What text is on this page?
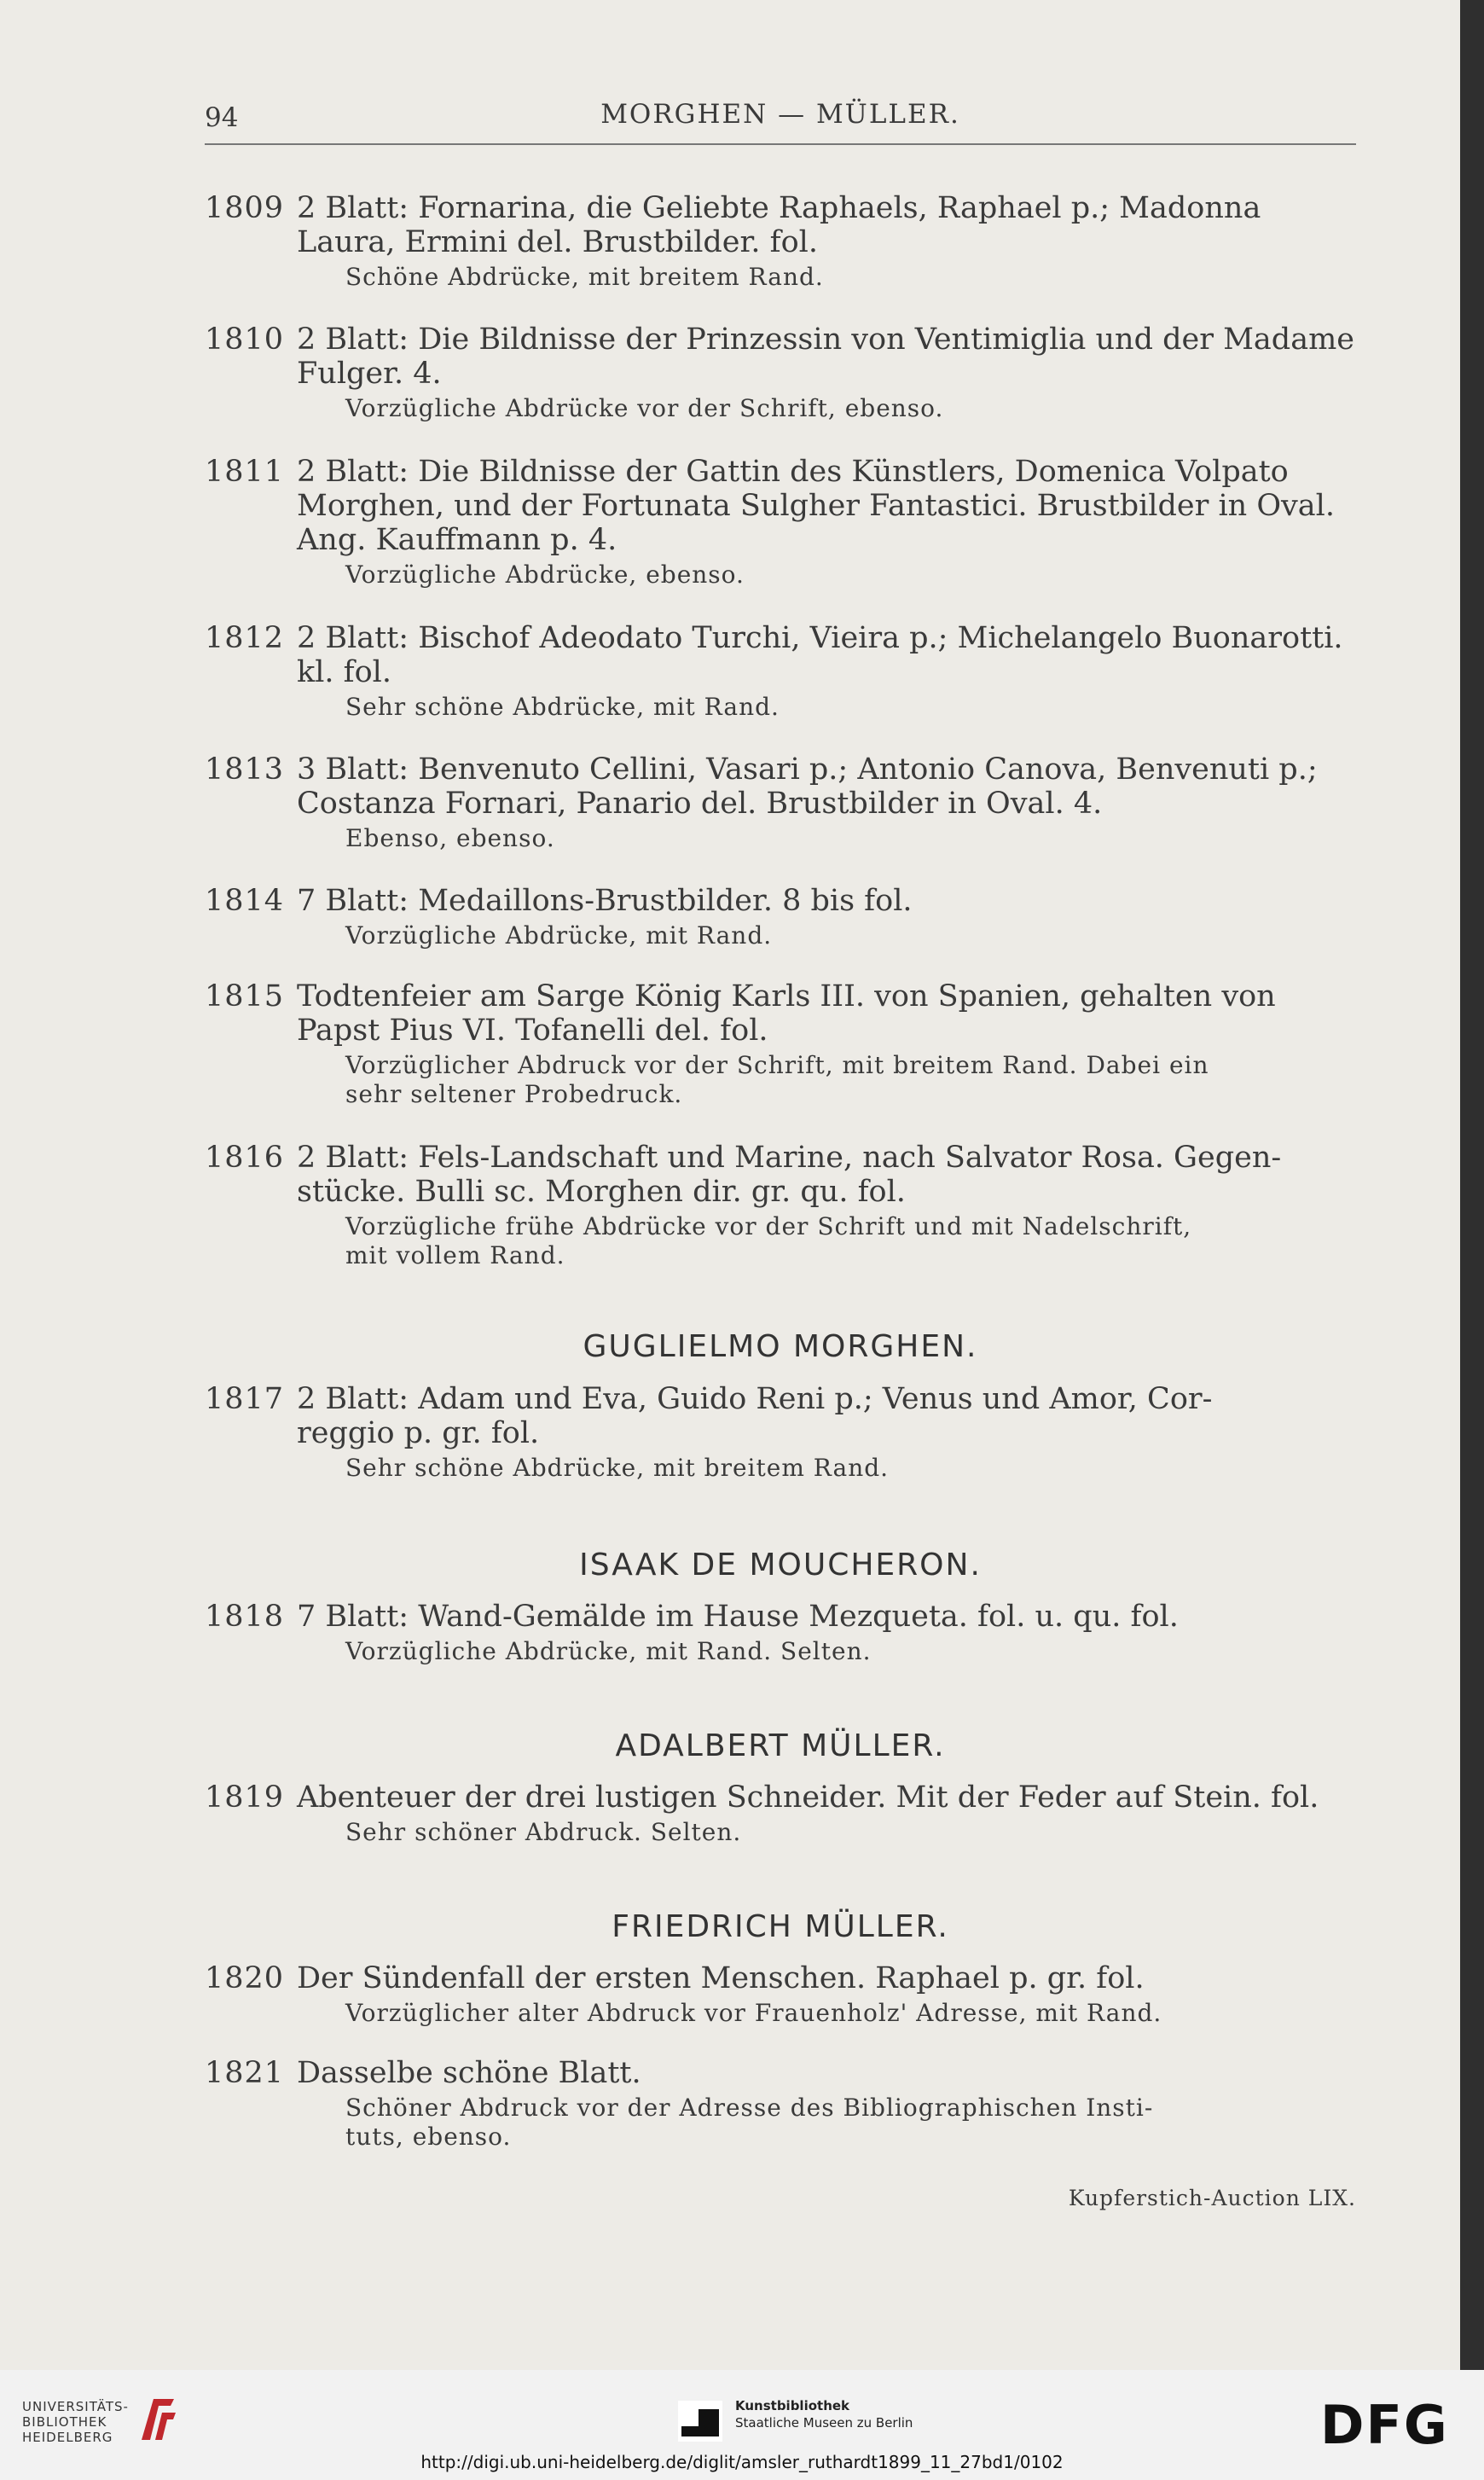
94	MORGHEN — MÜLLER.
1809 2 Blatt: Fornarina, die Geliebte Raphaels, Raphael p.; Madonna
Laura, Ermini del. Brustbilder. fol.
Schöne Abdrücke, mit breitem Rand.
1810 2 Blatt: Die Bildnisse der Prinzessin von Ventimiglia und der Madame
Fulger. 4.
Vorzügliche Abdrücke vor der Schrift, ebenso.
1811 2 Blatt: Die Bildnisse der Gattin des Künstlers, Domenica Volpato
Morghen, und der Fortunata Sulgher Fantastici. Brustbilder in Oval.
Ang. Kauffmann p. 4.
Vorzügliche Abdrücke, ebenso.
1812 2 Blatt: Bischof Adeodato Turchi, Vieira p.; Michelangelo Buonarotti.
kl. fol.
Sehr schöne Abdrücke, mit Rand.
1813 3 Blatt: Benvenuto Cellini, Vasari p.; Antonio Canova, Benvenuti p.;
Costanza Fornari, Panario del. Brustbilder in Oval. 4.
Ebenso, ebenso.
1814 7 Blatt: Medaillons-Brustbilder. 8 bis fol.
Vorzügliche Abdrücke, mit Rand.
1815 Todtenfeier am Sarge König Karls III. von Spanien, gehalten von
Papst Pius VI. Tofanelli del. fol.
Vorzüglicher Abdruck vor der Schrift, mit breitem Rand. Dabei ein
sehr seltener Probedruck.
1816 2 Blatt: Fels-Landschaft und Marine, nach Salvator Rosa. Gegen-
stücke. Bulli sc. Morghen dir. gr. qu. fol.
Vorzügliche frühe Abdrücke vor der Schrift und mit Nadelschrift,
mit vollem Rand.
GUGLIELMO MORGHEN.
1817 2 Blatt: Adam und Eva, Guido Reni p.; Venus und Amor, Cor-
reggio p. gr. fol.
Sehr schöne Abdrücke, mit breitem Rand.
ISAAK DE MOUCHERON.
1818 7 Blatt: Wand-Gemälde im Hause Mezqueta. fol. u. qu. fol.
Vorzügliche Abdrücke, mit Rand. Selten.
ADALBERT MÜLLER.
1819 Abenteuer der drei lustigen Schneider. Mit der Feder auf Stein. fol.
Sehr schöner Abdruck. Selten.
FRIEDRICH MÜLLER.
1820 Der Sündenfall der ersten Menschen. Raphael p. gr. fol.
Vorzüglicher alter Abdruck vor Frauenholz' Adresse, mit Rand.
1821 Dasselbe schöne Blatt.
Schöner Abdruck vor der Adresse des Bibliographischen Insti-
tuts, ebenso.
Kupferstich-Auction LIX.
UNIVERSITÄTS-
BIBLIOTHEK
HEIDELBERG
Kunstbibliothek
Staatliche Museen zu Berlin	DFG
http://digi.ub.uni-heidelberg.de/diglit/amsler_ruthardt1899_11_27bd1/0102
